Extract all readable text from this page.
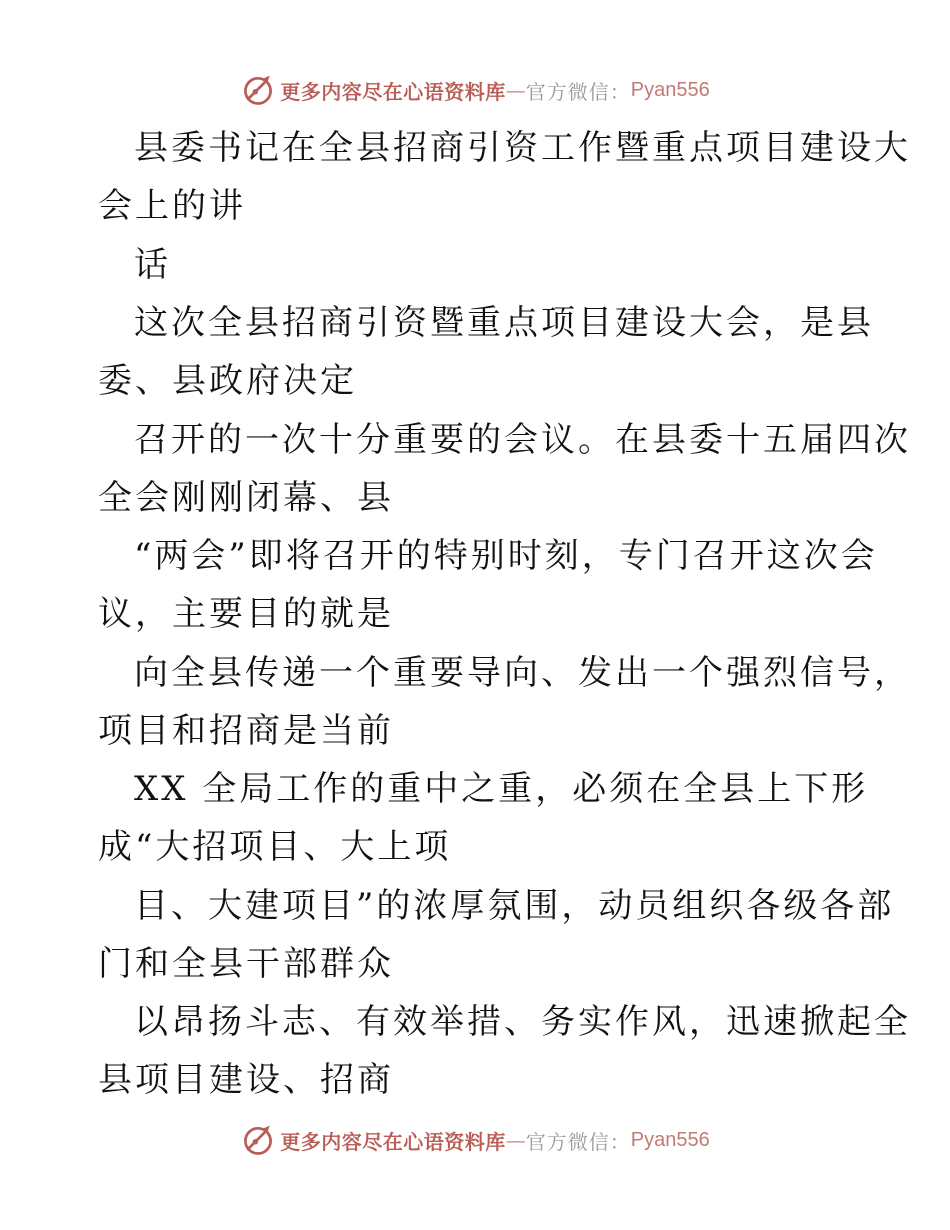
更多内容尽在心语资料库 — 官方微信： Pyan556

县委书记在全县招商引资工作暨重点项目建设大

会上的讲

话

这次全县招商引资暨重点项目建设大会，是县

委、县政府决定

召开的一次十分重要的会议。在县委十五届四次

全会刚刚闭幕、县

“两会”即将召开的特别时刻，专门召开这次会

议，主要目的就是

向全县传递一个重要导向、发出一个强烈信号，

项目和招商是当前

XX 全局工作的重中之重，必须在全县上下形

成“大招项目、大上项

目、大建项目”的浓厚氛围，动员组织各级各部

门和全县干部群众

以昂扬斗志、有效举措、务实作风，迅速掀起全

县项目建设、招商

更多内容尽在心语资料库 — 官方微信： Pyan556
